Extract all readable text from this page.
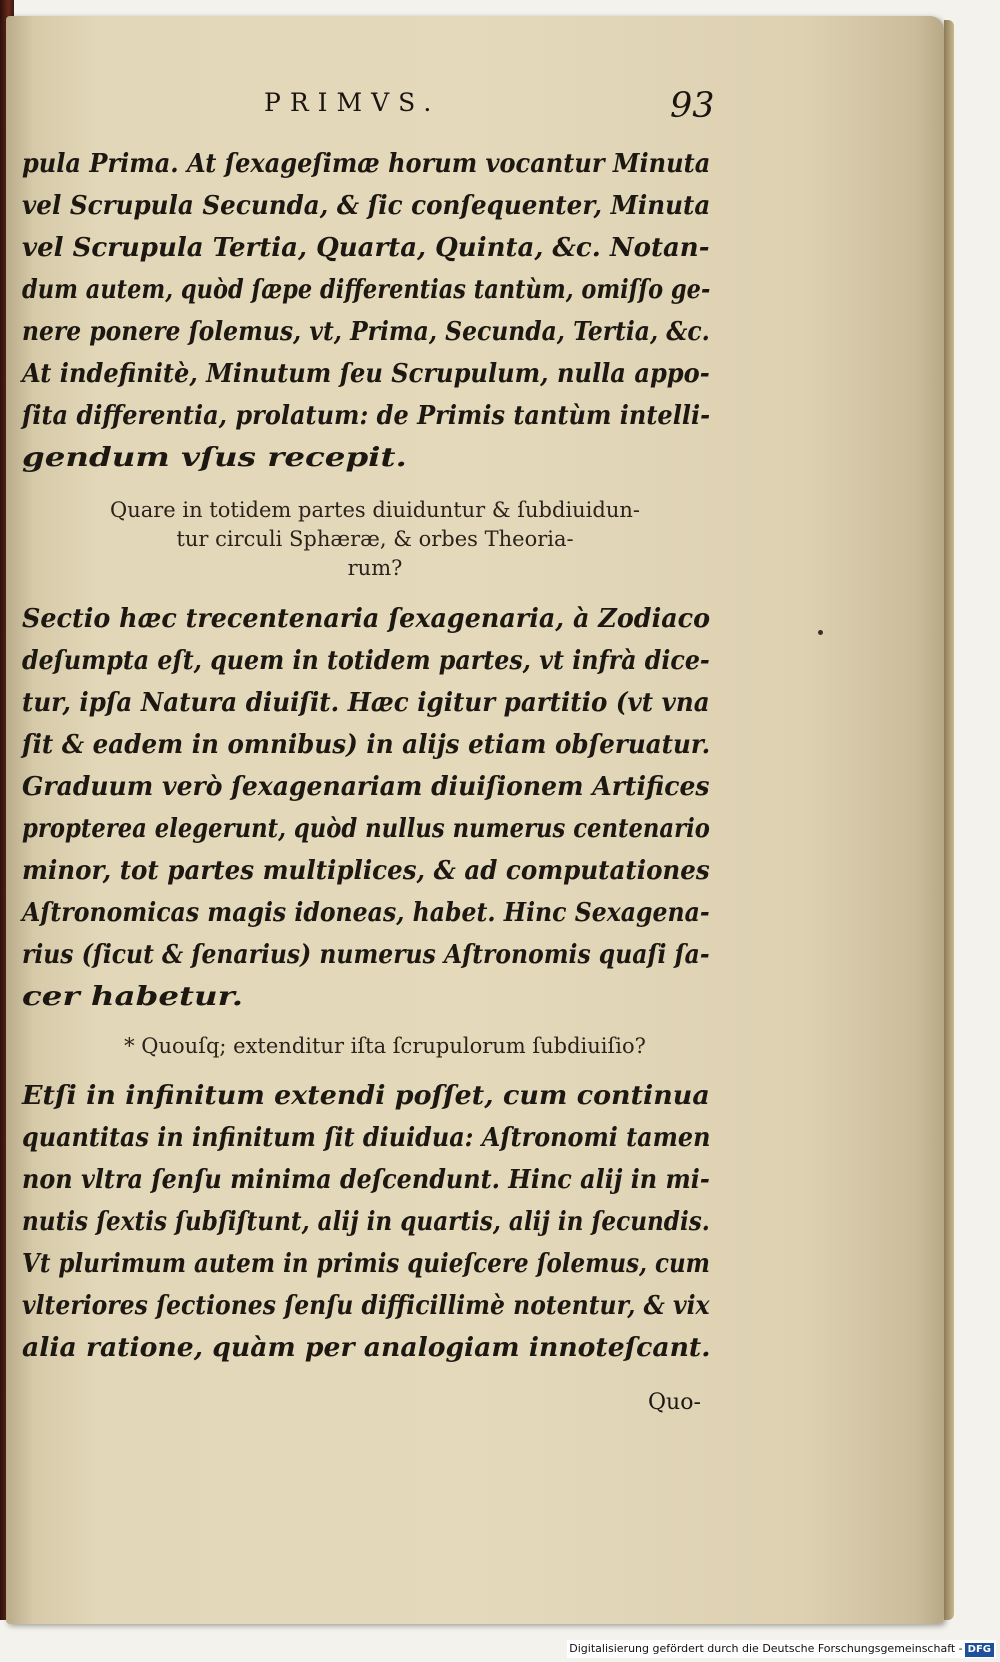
PRIMVS.	93

pula Prima. At ſexageſimæ horum vocantur Minuta
vel Scrupula Secunda, & ſic conſequenter, Minuta
vel Scrupula Tertia, Quarta, Quinta, &c. Notan-
dum autem, quòd ſæpe differentias tantùm, omiſſo ge-
nere ponere ſolemus, vt, Prima, Secunda, Tertia, &c.
At indefinitè, Minutum ſeu Scrupulum, nulla appo-
ſita differentia, prolatum: de Primis tantùm intelli-
gendum vſus recepit.

Quare in totidem partes diuiduntur & ſubdiuidun-
tur circuli Sphæræ, & orbes Theoria-
rum?

Sectio hæc trecentenaria ſexagenaria, à Zodiaco
deſumpta eſt, quem in totidem partes, vt infrà dice-
tur, ipſa Natura diuiſit. Hæc igitur partitio (vt vna
ſit & eadem in omnibus) in alijs etiam obſeruatur.
Graduum verò ſexagenariam diuiſionem Artifices
propterea elegerunt, quòd nullus numerus centenario
minor, tot partes multiplices, & ad computationes
Aſtronomicas magis idoneas, habet. Hinc Sexagena-
rius (ſicut & ſenarius) numerus Aſtronomis quaſi ſa-
cer habetur.

* Quouſq; extenditur iſta ſcrupulorum ſubdiuiſio?

Etſi in infinitum extendi poſſet, cum continua
quantitas in infinitum ſit diuidua: Aſtronomi tamen
non vltra ſenſu minima deſcendunt. Hinc alij in mi-
nutis ſextis ſubſiſtunt, alij in quartis, alij in ſecundis.
Vt plurimum autem in primis quieſcere ſolemus, cum
vlteriores ſectiones ſenſu difficillimè notentur, & vix
alia ratione, quàm per analogiam innoteſcant.

Quo-
Digitalisierung gefördert durch die Deutsche Forschungsgemeinschaft - DFG
